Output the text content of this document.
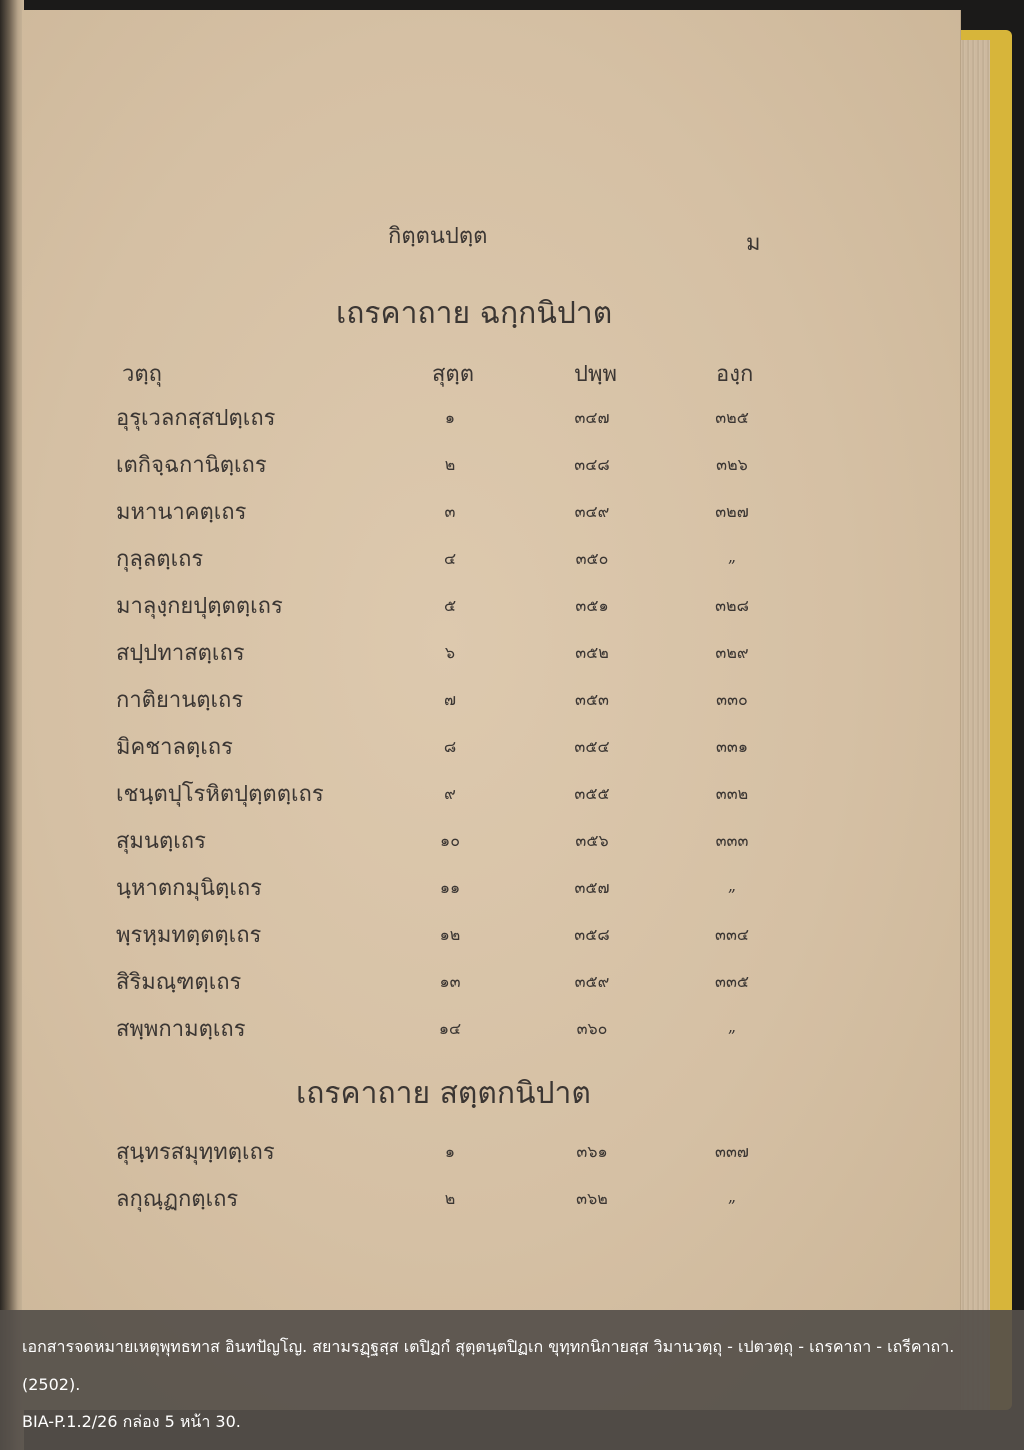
กิตฺตนปตฺต	ม
เถรคาถาย ฉกฺกนิปาต
วตฺถุ	สุตฺต	ปพฺพ	องฺก
อุรุเวลกสฺสปตฺเถร	๑	๓๔๗	๓๒๕
เตกิจฺฉกานิตฺเถร	๒	๓๔๘	๓๒๖
มหานาคตฺเถร	๓	๓๔๙	๓๒๗
กุลฺลตฺเถร	๔	๓๕๐	„
มาลุงฺกยปุตฺตตฺเถร	๕	๓๕๑	๓๒๘
สปฺปทาสตฺเถร	๖	๓๕๒	๓๒๙
กาติยานตฺเถร	๗	๓๕๓	๓๓๐
มิคชาลตฺเถร	๘	๓๕๔	๓๓๑
เชนฺตปุโรหิตปุตฺตตฺเถร	๙	๓๕๕	๓๓๒
สุมนตฺเถร	๑๐	๓๕๖	๓๓๓
นฺหาตกมุนิตฺเถร	๑๑	๓๕๗	„
พฺรหฺมทตฺตตฺเถร	๑๒	๓๕๘	๓๓๔
สิริมณฺฑตฺเถร	๑๓	๓๕๙	๓๓๕
สพฺพกามตฺเถร	๑๔	๓๖๐	„
เถรคาถาย สตฺตกนิปาต
สุนฺทรสมุทฺทตฺเถร	๑	๓๖๑	๓๓๗
ลกุณฺฏกตฺเถร	๒	๓๖๒	„
เอกสารจดหมายเหตุพุทธทาส อินทปัญโญ. สยามรฏฺฐสฺส เตปิฏกํ สุตฺตนฺตปิฏเก ขุทฺทกนิกายสฺส วิมานวตฺถุ - เปตวตฺถุ - เถรคาถา - เถรีคาถา. (2502).
BIA-P.1.2/26 กล่อง 5 หน้า 30.
